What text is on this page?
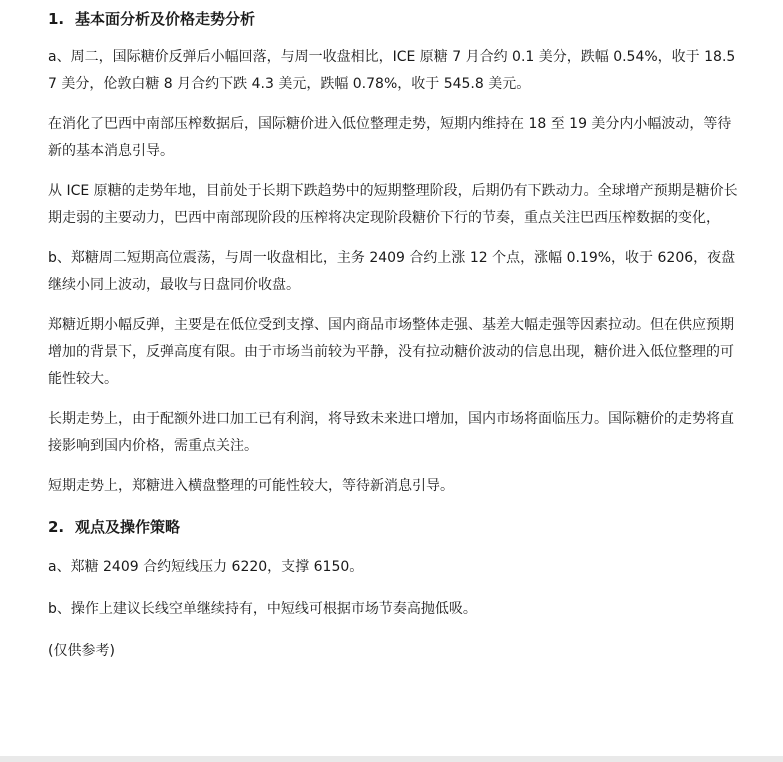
1. 基本面分析及价格走势分析

a、周二，国际糖价反弹后小幅回落，与周一收盘相比，ICE 原糖 7 月合约 0.1 美分，跌幅 0.54%，收于 18.57 美分，伦敦白糖 8 月合约下跌 4.3 美元，跌幅 0.78%，收于 545.8 美元。

在消化了巴西中南部压榨数据后，国际糖价进入低位整理走势，短期内维持在 18 至 19 美分内小幅波动，等待新的基本消息引导。

从 ICE 原糖的走势年地，目前处于长期下跌趋势中的短期整理阶段，后期仍有下跌动力。全球增产预期是糖价长期走弱的主要动力，巴西中南部现阶段的压榨将决定现阶段糖价下行的节奏，重点关注巴西压榨数据的变化，

b、郑糖周二短期高位震荡，与周一收盘相比，主务 2409 合约上涨 12 个点，涨幅 0.19%，收于 6206，夜盘继续小同上波动，最收与日盘同价收盘。

郑糖近期小幅反弹，主要是在低位受到支撑、国内商品市场整体走强、基差大幅走强等因素拉动。但在供应预期增加的背景下，反弹高度有限。由于市场当前较为平静，没有拉动糖价波动的信息出现，糖价进入低位整理的可能性较大。

长期走势上，由于配额外进口加工已有利润，将导致未来进口增加，国内市场将面临压力。国际糖价的走势将直接影响到国内价格，需重点关注。

短期走势上，郑糖进入横盘整理的可能性较大，等待新消息引导。

2. 观点及操作策略

a、郑糖 2409 合约短线压力 6220，支撑 6150。

b、操作上建议长线空单继续持有，中短线可根据市场节奏高抛低吸。

(仅供参考)
